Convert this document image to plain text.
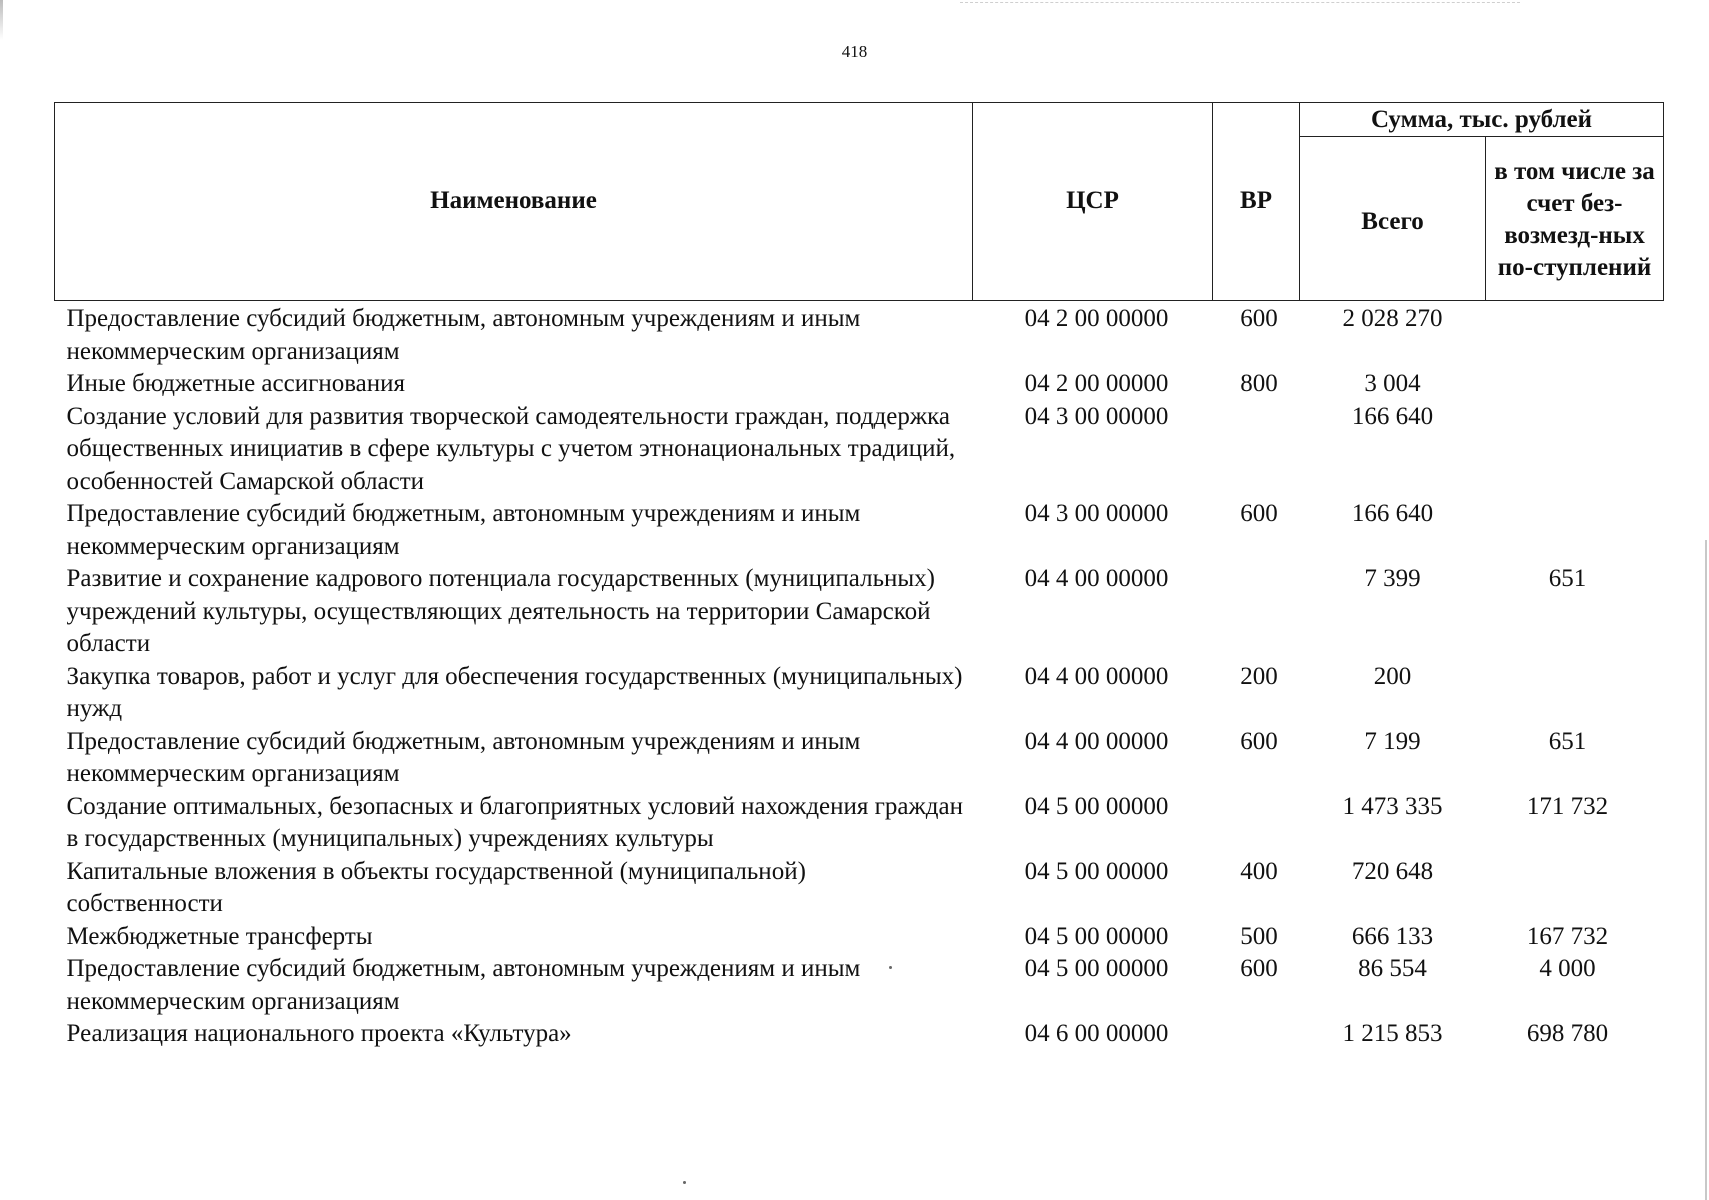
418
Наименование	ЦСР	ВР	Сумма, тыс. рублей	
			Всего	в том числе за счет без-возмезд-ных по-ступлений
Предоставление субсидий бюджетным, автономным учреждениям и иным некоммерческим организациям	04 2 00 00000	600	2 028 270	
Иные бюджетные ассигнования	04 2 00 00000	800	3 004	
Создание условий для развития творческой самодеятельности граждан, поддержка общественных инициатив в сфере культуры с учетом этнонациональных традиций, особенностей Самарской области	04 3 00 00000		166 640	
Предоставление субсидий бюджетным, автономным учреждениям и иным некоммерческим организациям	04 3 00 00000	600	166 640	
Развитие и сохранение кадрового потенциала государственных (муниципальных) учреждений культуры, осуществляющих деятельность на территории Самарской области	04 4 00 00000		7 399	651
Закупка товаров, работ и услуг для обеспечения государственных (муниципальных) нужд	04 4 00 00000	200	200	
Предоставление субсидий бюджетным, автономным учреждениям и иным некоммерческим организациям	04 4 00 00000	600	7 199	651
Создание оптимальных, безопасных и благоприятных условий нахождения граждан в государственных (муниципальных) учреждениях культуры	04 5 00 00000		1 473 335	171 732
Капитальные вложения в объекты государственной (муниципальной) собственности	04 5 00 00000	400	720 648	
Межбюджетные трансферты	04 5 00 00000	500	666 133	167 732
Предоставление субсидий бюджетным, автономным учреждениям и иным некоммерческим организациям	04 5 00 00000	600	86 554	4 000
Реализация национального проекта «Культура»	04 6 00 00000		1 215 853	698 780
